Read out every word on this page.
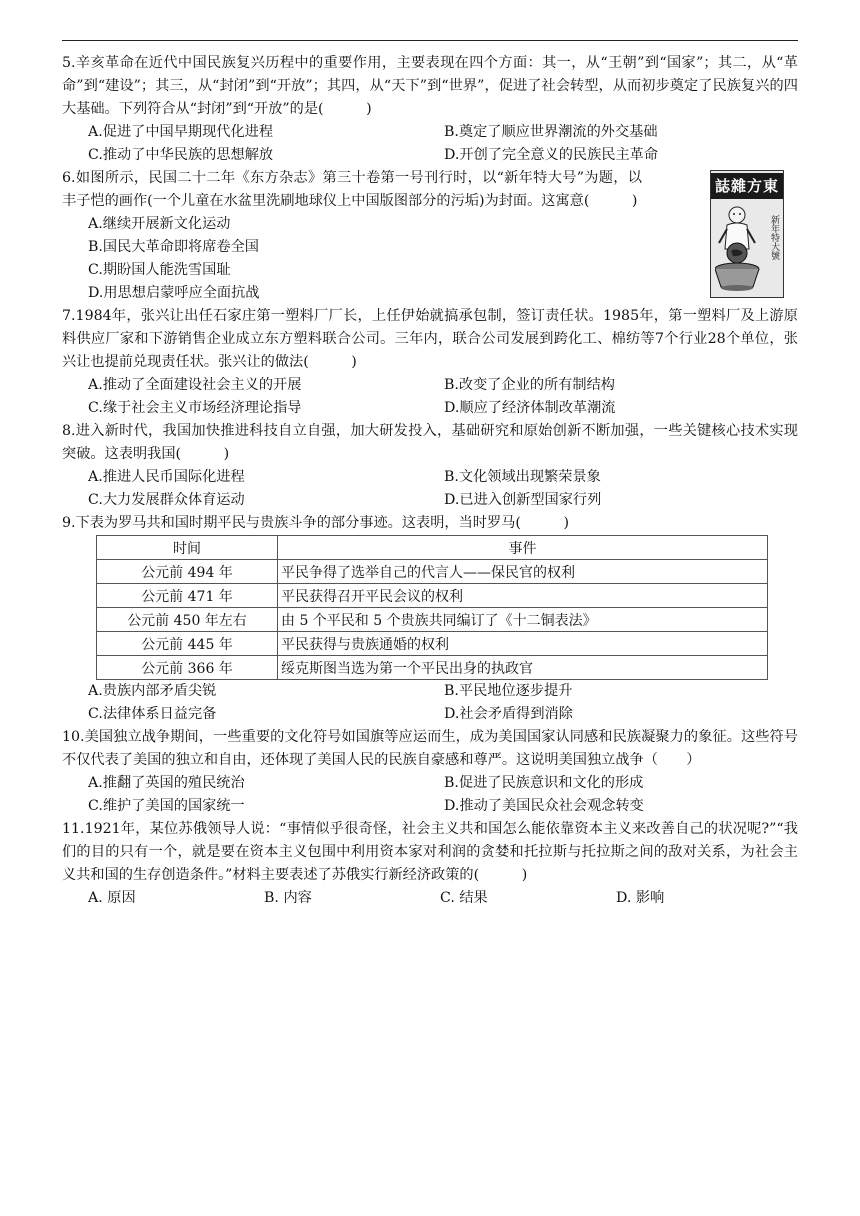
5.辛亥革命在近代中国民族复兴历程中的重要作用，主要表现在四个方面：其一，从“王朝”到“国家”；其二，从“革命”到“建设”；其三，从“封闭”到“开放”；其四，从“天下”到“世界”，促进了社会转型，从而初步奠定了民族复兴的四大基础。下列符合从“封闭”到“开放”的是(　　　)

A.促进了中国早期现代化进程	B.奠定了顺应世界潮流的外交基础
C.推动了中华民族的思想解放	D.开创了完全意义的民族民主革命

6.如图所示，民国二十二年《东方杂志》第三十卷第一号刊行时，以“新年特大号”为题，以丰子恺的画作(一个儿童在水盆里洗刷地球仪上中国版图部分的污垢)为封面。这寓意(　　　)

A.继续开展新文化运动
B.国民大革命即将席卷全国
C.期盼国人能洗雪国耻
D.用思想启蒙呼应全面抗战
誌雜方東
新年特大號

7.1984年，张兴让出任石家庄第一塑料厂厂长，上任伊始就搞承包制，签订责任状。1985年，第一塑料厂及上游原料供应厂家和下游销售企业成立东方塑料联合公司。三年内，联合公司发展到跨化工、棉纺等7个行业28个单位，张兴让也提前兑现责任状。张兴让的做法(　　　)

A.推动了全面建设社会主义的开展	B.改变了企业的所有制结构
C.缘于社会主义市场经济理论指导	D.顺应了经济体制改革潮流

8.进入新时代，我国加快推进科技自立自强，加大研发投入，基础研究和原始创新不断加强，一些关键核心技术实现突破。这表明我国(　　　)

A.推进人民币国际化进程	B.文化领域出现繁荣景象
C.大力发展群众体育运动	D.已进入创新型国家行列

9.下表为罗马共和国时期平民与贵族斗争的部分事迹。这表明，当时罗马(　　　)

时间	事件
公元前 494 年	平民争得了选举自己的代言人——保民官的权利
公元前 471 年	平民获得召开平民会议的权利
公元前 450 年左右	由 5 个平民和 5 个贵族共同编订了《十二铜表法》
公元前 445 年	平民获得与贵族通婚的权利
公元前 366 年	绥克斯图当选为第一个平民出身的执政官
A.贵族内部矛盾尖锐	B.平民地位逐步提升
C.法律体系日益完备	D.社会矛盾得到消除

10.美国独立战争期间，一些重要的文化符号如国旗等应运而生，成为美国国家认同感和民族凝聚力的象征。这些符号不仅代表了美国的独立和自由，还体现了美国人民的民族自豪感和尊严。这说明美国独立战争（　　）

A.推翻了英国的殖民统治	B.促进了民族意识和文化的形成
C.维护了美国的国家统一	D.推动了美国民众社会观念转变

11.1921年，某位苏俄领导人说：“事情似乎很奇怪，社会主义共和国怎么能依靠资本主义来改善自己的状况呢?”“我们的目的只有一个，就是要在资本主义包围中利用资本家对利润的贪婪和托拉斯与托拉斯之间的敌对关系，为社会主义共和国的生存创造条件。”材料主要表述了苏俄实行新经济政策的(　　　)

A. 原因	B. 内容	C. 结果	D. 影响
